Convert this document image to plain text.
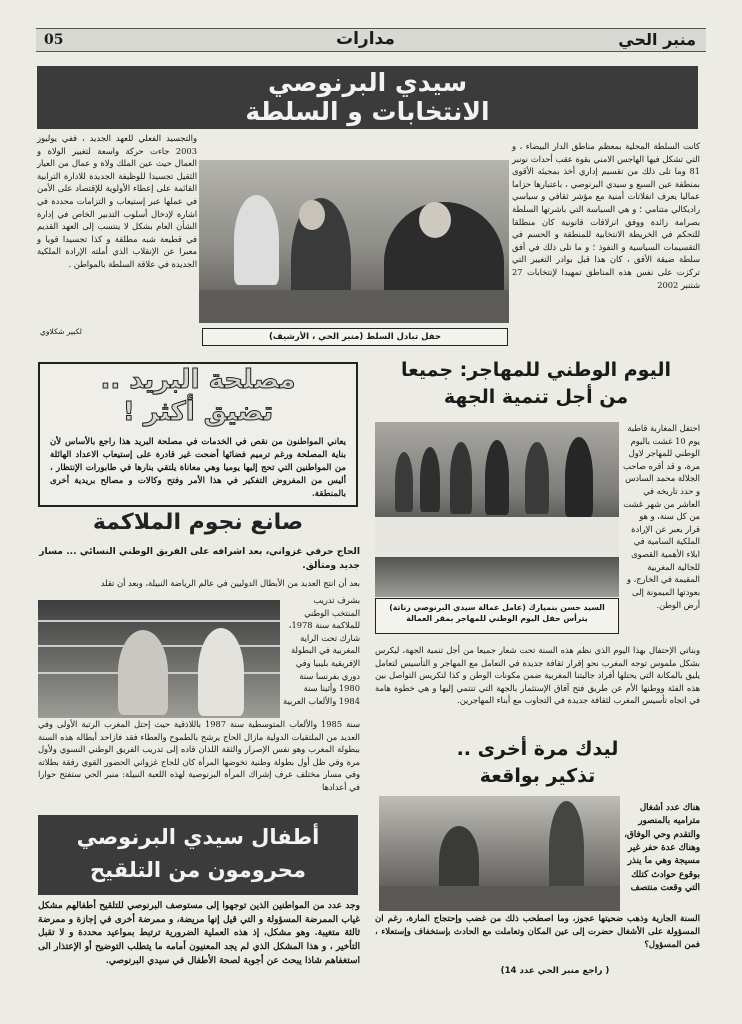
05	مدارات	منبر الحي
سيدي البرنوصي
الانتخابات و السلطة
كانت السلطة المحلية بمعظم مناطق الدار البيضاء ، و التي تشكل فيها الهاجس الامني بقوة عقب أحداث نونبر 81 وما تلى ذلك من تقسيم إداري أخذ بمجيئه الأقوى بمنطقة عين السبع و سيدي البرنوصي ، باعتبارها حزاما عماليا يعرف انفلاتات أمنية مع مؤشر ثقافي و سياسي راديكالي متنامي ؛ و هي السياسة التي باشرتها السلطة بصرامة زائدة ووفق انزلاقات قانونية كان منطلقا للتحكم في الخريطة الانتخابية للمنطقة و الحسم في التقسيمات السياسية و النفوذ ؛ و ما تلى ذلك في أفق سلطة ضيقة الأفق ، كان هذا قبل بوادر التغيير التي تركزت على نفس هذه المناطق تمهيدا لإنتخابات 27 شتنبر 2002
والتجسيد الفعلي للعهد الجديد ، ففي يوليوز 2003 جاءت حركة واسعة لتغيير الولاة و العمال حيث عين الملك ولاة و عمال من العيار الثقيل تجسيدا للوظيفة الجديدة للادارة الترابية القائمة على إعطاء الأولوية للإقتصاد على الأمن في عملها عبر إستيعاب و التزامات محددة في اشارة لإدخال أسلوب التدبير الخاص في إدارة الشأن العام بشكل لا ينتسب إلى العهد القديم في قطيعة شبه مطلقة و كذا تجسيدا قويا و معبرا عن الإنقلاب الذي أملته الإرادة الملكية الجديدة في علاقة السلطة بالمواطن .
لكبير شكلاوي
حفل تبادل السلط (منبر الحي ، الأرشيف)
مصلحة البريد ..
تضيق أكثر !
يعاني المواطنون من نقص في الخدمات في مصلحة البريد هذا راجع بالأساس لأن بناية المصلحة ورغم ترميم فضائها أضحت غير قادرة على إستيعاب الاعداد الهائلة من المواطنين التي تحج إليها يوميا وهي معاناة يلتقي بنارها في طابورات الإنتظار ، أليس من المفروض التفكير في هذا الأمر وفتح وكالات و مصالح بريدية أخرى بالمنطقة.
صانع نجوم الملاكمة
الحاج حرفي غزواني، بعد اشرافه على الفريق الوطني النسائي ... مسار جديد ومتألق.
بعد أن انتج العديد من الأبطال الدوليين في عالم الرياضة النبيلة، وبعد أن تقلد
بشرف تدريب المنتخب الوطني للملاكمة سنة 1978، شارك تحت الراية المغربية في البطولة الإفريقية بليبيا وفي دوري بفرنسا سنة 1980 وأثينا سنة 1984 والألعاب العربية
سنة 1985 والألعاب المتوسطية سنة 1987 باللاذقية حيث إحتل المغرب الرتبة الأولى وفي العديد من الملتقيات الدولية مازال الحاج يرشح بالطموح والعطاء فقد فازاحد أبطاله هذه السنة ببطولة المغرب وهو نفس الإصرار والثقة اللذان قاده إلى تدريب الفريق الوطني النسوي ولأول مرة وفي ظل أول بطولة وطنية تخوضها المرأة كان للحاج غزواني الحضور القوي رفقة بطلاته وفي مسار مختلف عرف إشراك المرأة البرنوصية لهذه اللعبة النبيلة: منبر الحي ستفتح حوارا في أعدادها
أطفال سيدي البرنوصي
محرومون من التلقيح
وجد عدد من المواطنين الذين توجهوا إلى مستوصف البرنوصي للتلقيح أطفالهم مشكل غياب الممرضة المسؤولة و التي قيل إنها مريضة، و ممرضة أخرى في إجازة و ممرضة ثالثة متغيبة. وهو مشكل، إذ هذه العملية الضرورية ترتبط بمواعيد محددة و لا تقبل التأخير ، و هذا المشكل الذي لم يجد المعنيون أمامه ما يتطلب التوضيح أو الإعتذار الى استغفاهم شاذا يبحث عن أجوبة لصحة الأطفال في سيدي البرنوصي.
اليوم الوطني للمهاجر: جميعا
من أجل تنمية الجهة
احتفل المغاربة قاطبة يوم 10 غشت باليوم الوطني للمهاجر لاول مرة، و قد أقره صاحب الجلالة محمد السادس و حدد تاريخه في العاشر من شهر غشت من كل سنة، و هو قرار يعبر عن الإرادة الملكية السامية في ابلاء الأهمية القصوى للجالية المغربية المقيمة في الخارج، و بعودتها الميمونة إلى أرض الوطن.
السيد حسن بنميارك (عامل عمالة سيدي البرنوصي زناتة) يترأس حفل اليوم الوطني للمهاجر بمقر العمالة
وبناتي الإحتفال بهذا اليوم الذي نظم هذه السنة تحت شعار جميعا من أجل تنمية الجهة، ليكرس بشكل ملموس توجه المغرب نحو إقرار ثقافة جديدة في التعامل مع المهاجر و التأسيس لتعامل يليق بالمكانة التي يحتلها أفراد جاليتنا المغربية ضمن مكونات الوطن و كذا لتكريس التواصل بين هذه الفئة ووطنها الأم عن طريق فتح آفاق الإستثمار بالجهة التي تنتمي إليها و هي خطوة هامة في اتجاه تأسيس المغرب لثقافة جديدة في التجاوب مع أبناء المهاجرين.
ليدك مرة أخرى ..
تذكير بواقعة
هناك عدد أشغال متراميه بالمنصور والتقدم وحي الوفاق، وهناك عدة حفر غير مسيجة وهي ما ينذر بوقوع حوادث كتلك التي وقعت منتصف
السنة الجارية وذهب ضحيتها عجوز، وما اصطحب ذلك من غضب وإحتجاج المارة، رغم ان المسؤولة على الأشغال حضرت إلى عين المكان وتعاملت مع الحادث بإستخفاف وإستعلاء ، فمن المسؤول؟
( راجع منبر الحي عدد 14)
